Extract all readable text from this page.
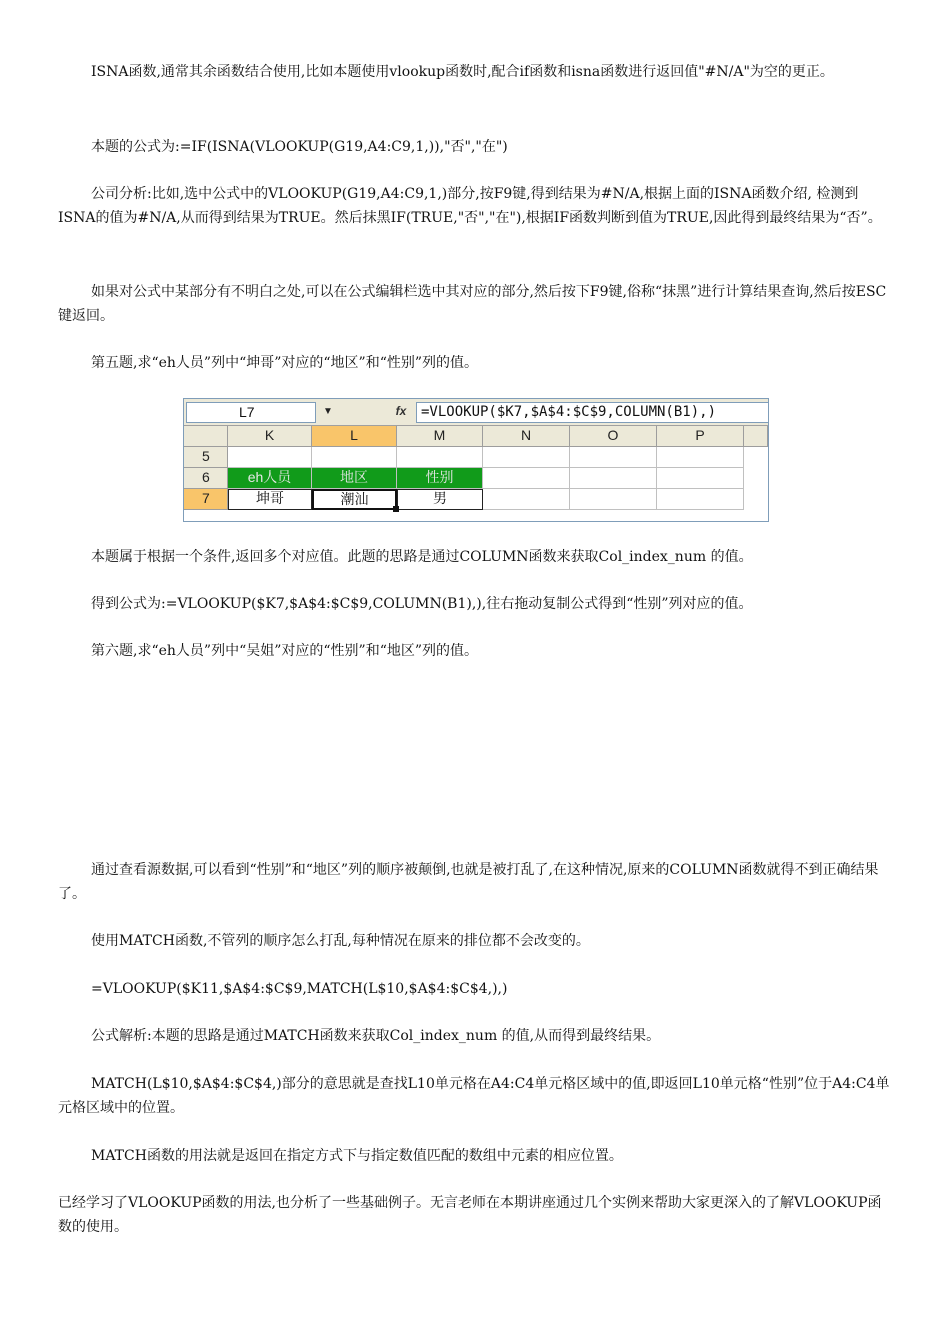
ISNA函数,通常其余函数结合使用,比如本题使用vlookup函数时,配合if函数和isna函数进行返回值"#N/A"为空的更正。

本题的公式为:=IF(ISNA(VLOOKUP(G19,A4:C9,1,)),"否","在")

公司分析:比如,选中公式中的VLOOKUP(G19,A4:C9,1,)部分,按F9键,得到结果为#N/A,根据上面的ISNA函数介绍, 检测到ISNA的值为#N/A,从而得到结果为TRUE。然后抹黑IF(TRUE,"否","在"),根据IF函数判断到值为TRUE,因此得到最终结果为“否”。

如果对公式中某部分有不明白之处,可以在公式编辑栏选中其对应的部分,然后按下F9键,俗称“抹黑”进行计算结果查询,然后按ESC键返回。

第五题,求“eh人员”列中“坤哥”对应的“地区”和“性别”列的值。

L7	▼	fx	=VLOOKUP($K7,$A$4:$C$9,COLUMN(B1),)
K	L	M	N	O	P
5
6	eh人员	地区	性别
7	坤哥	潮汕	男

本题属于根据一个条件,返回多个对应值。此题的思路是通过COLUMN函数来获取Col_index_num 的值。

得到公式为:=VLOOKUP($K7,$A$4:$C$9,COLUMN(B1),),往右拖动复制公式得到“性别”列对应的值。

第六题,求“eh人员”列中“吴姐”对应的“性别”和“地区”列的值。

通过查看源数据,可以看到“性别”和“地区”列的顺序被颠倒,也就是被打乱了,在这种情况,原来的COLUMN函数就得不到正确结果了。

使用MATCH函数,不管列的顺序怎么打乱,每种情况在原来的排位都不会改变的。

=VLOOKUP($K11,$A$4:$C$9,MATCH(L$10,$A$4:$C$4,),)

公式解析:本题的思路是通过MATCH函数来获取Col_index_num 的值,从而得到最终结果。

MATCH(L$10,$A$4:$C$4,)部分的意思就是查找L10单元格在A4:C4单元格区域中的值,即返回L10单元格“性别”位于A4:C4单元格区域中的位置。

MATCH函数的用法就是返回在指定方式下与指定数值匹配的数组中元素的相应位置。

已经学习了VLOOKUP函数的用法,也分析了一些基础例子。无言老师在本期讲座通过几个实例来帮助大家更深入的了解VLOOKUP函数的使用。
